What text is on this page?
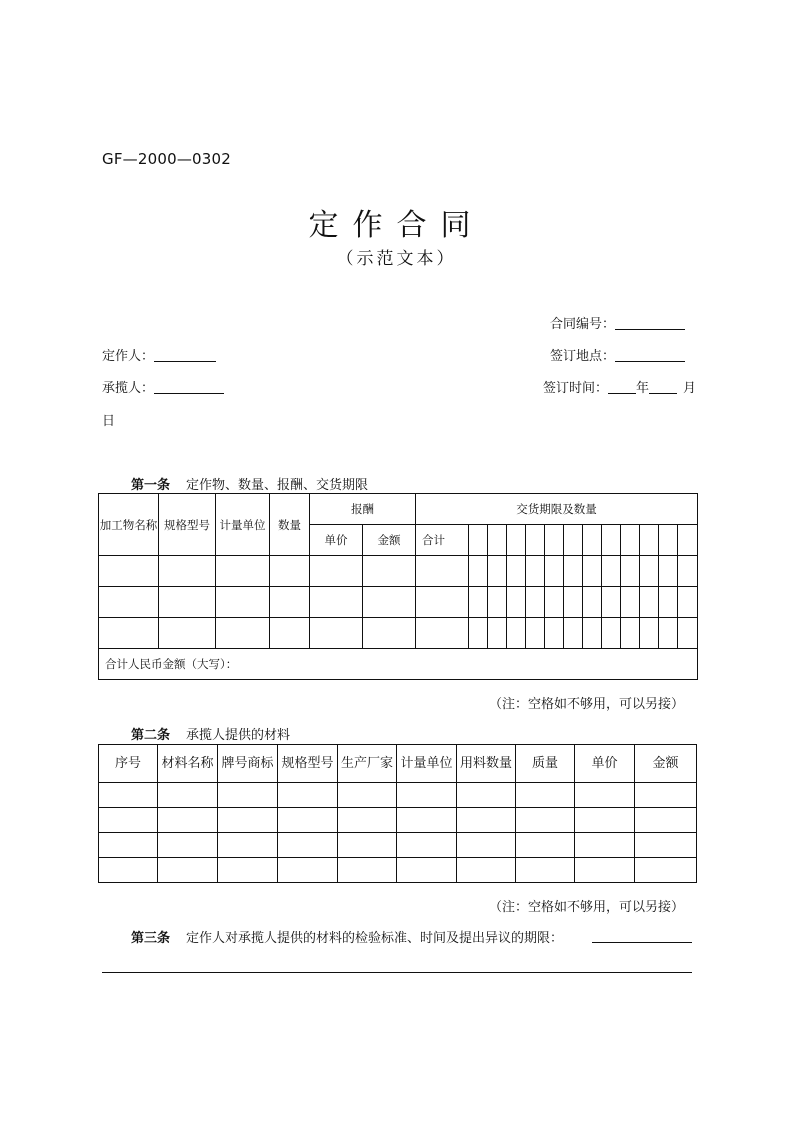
GF—2000—0302
定作合同
（示范文本）
合同编号：
定作人：	签订地点：
承揽人：	签订时间： 年	月
日
第一条 定作物、数量、报酬、交货期限
加工物名称	规格型号	计量单位	数量	报酬		交货期限及数量												
				单价	金额	合计												

合计人民币金额（大写）：																		
（注：空格如不够用，可以另接）
第二条 承揽人提供的材料
序号	材料名称	牌号商标	规格型号	生产厂家	计量单位	用料数量	质量	单价	金额

（注：空格如不够用，可以另接）
第三条 定作人对承揽人提供的材料的检验标准、时间及提出异议的期限：
